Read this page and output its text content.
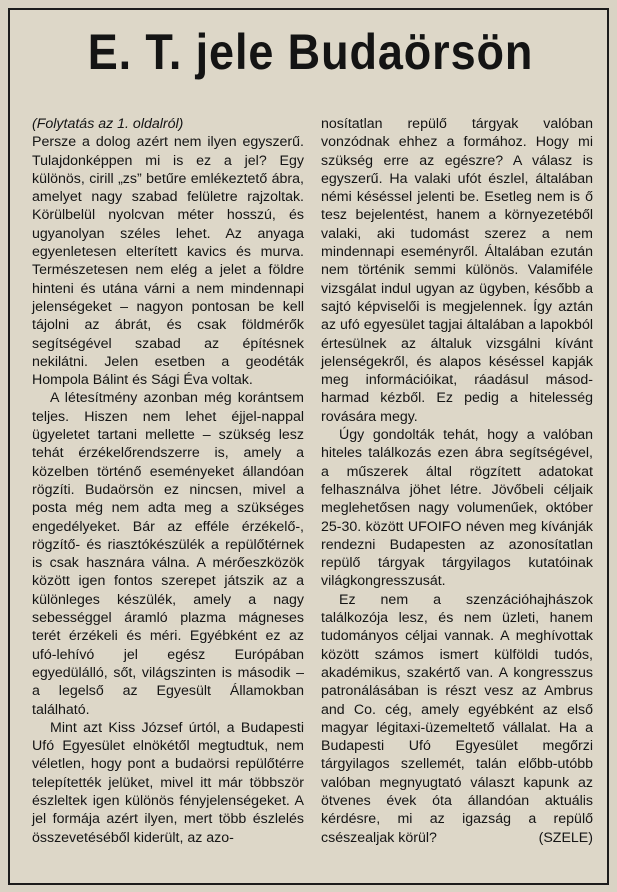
E. T. jele Budaörsön
(Folytatás az 1. oldalról)

Persze a dolog azért nem ilyen egyszerű. Tulajdonképpen mi is ez a jel? Egy különös, cirill „zs” betűre emlékeztető ábra, amelyet nagy szabad felületre rajzoltak. Körülbelül nyolcvan méter hosszú, és ugyanolyan széles lehet. Az anyaga egyenletesen elterített kavics és murva. Természetesen nem elég a jelet a földre hinteni és utána várni a nem mindennapi jelenségeket – nagyon pontosan be kell tájolni az ábrát, és csak földmérők segítségével szabad az építésnek nekilátni. Jelen esetben a geodéták Hompola Bálint és Sági Éva voltak.

A létesítmény azonban még korántsem teljes. Hiszen nem lehet éjjel-nappal ügyeletet tartani mellette – szükség lesz tehát érzékelőrendszerre is, amely a közelben történő eseményeket állandóan rögzíti. Budaörsön ez nincsen, mivel a posta még nem adta meg a szükséges engedélyeket. Bár az efféle érzékelő-, rögzítő- és riasztókészülék a repülőtérnek is csak hasznára válna. A mérőeszközök között igen fontos szerepet játszik az a különleges készülék, amely a nagy sebességgel áramló plazma mágneses terét érzékeli és méri. Egyébként ez az ufó-lehívó jel egész Európában egyedülálló, sőt, világszinten is második – a legelső az Egyesült Államokban található.

Mint azt Kiss József úrtól, a Budapesti Ufó Egyesület elnökétől megtudtuk, nem véletlen, hogy pont a budaörsi repülőtérre telepítették jelüket, mivel itt már többször észleltek igen különös fényjelenségeket. A jel formája azért ilyen, mert több észlelés összevetéséből kiderült, az azo-

nosítatlan repülő tárgyak valóban vonzódnak ehhez a formához. Hogy mi szükség erre az egészre? A válasz is egyszerű. Ha valaki ufót észlel, általában némi késéssel jelenti be. Esetleg nem is ő tesz bejelentést, hanem a környezetéből valaki, aki tudomást szerez a nem mindennapi eseményről. Általában ezután nem történik semmi különös. Valamiféle vizsgálat indul ugyan az ügyben, később a sajtó képviselői is megjelennek. Így aztán az ufó egyesület tagjai általában a lapokból értesülnek az általuk vizsgálni kívánt jelenségekről, és alapos késéssel kapják meg információikat, ráadásul másod-harmad kézből. Ez pedig a hitelesség rovására megy.

Úgy gondolták tehát, hogy a valóban hiteles találkozás ezen ábra segítségével, a műszerek által rögzített adatokat felhasználva jöhet létre. Jövőbeli céljaik meglehetősen nagy volumenűek, október 25-30. között UFOIFO néven meg kívánják rendezni Budapesten az azonosítatlan repülő tárgyak tárgyilagos kutatóinak világkongresszusát.

Ez nem a szenzációhajhászok találkozója lesz, és nem üzleti, hanem tudományos céljai vannak. A meghívottak között számos ismert külföldi tudós, akadémikus, szakértő van. A kongresszus patronálásában is részt vesz az Ambrus and Co. cég, amely egyébként az első magyar légitaxi-üzemeltető vállalat. Ha a Budapesti Ufó Egyesület megőrzi tárgyilagos szellemét, talán előbb-utóbb valóban megnyugtató választ kapunk az ötvenes évek óta állandóan aktuális kérdésre, mi az igazság a repülő csészealjak körül?	(SZELE)
